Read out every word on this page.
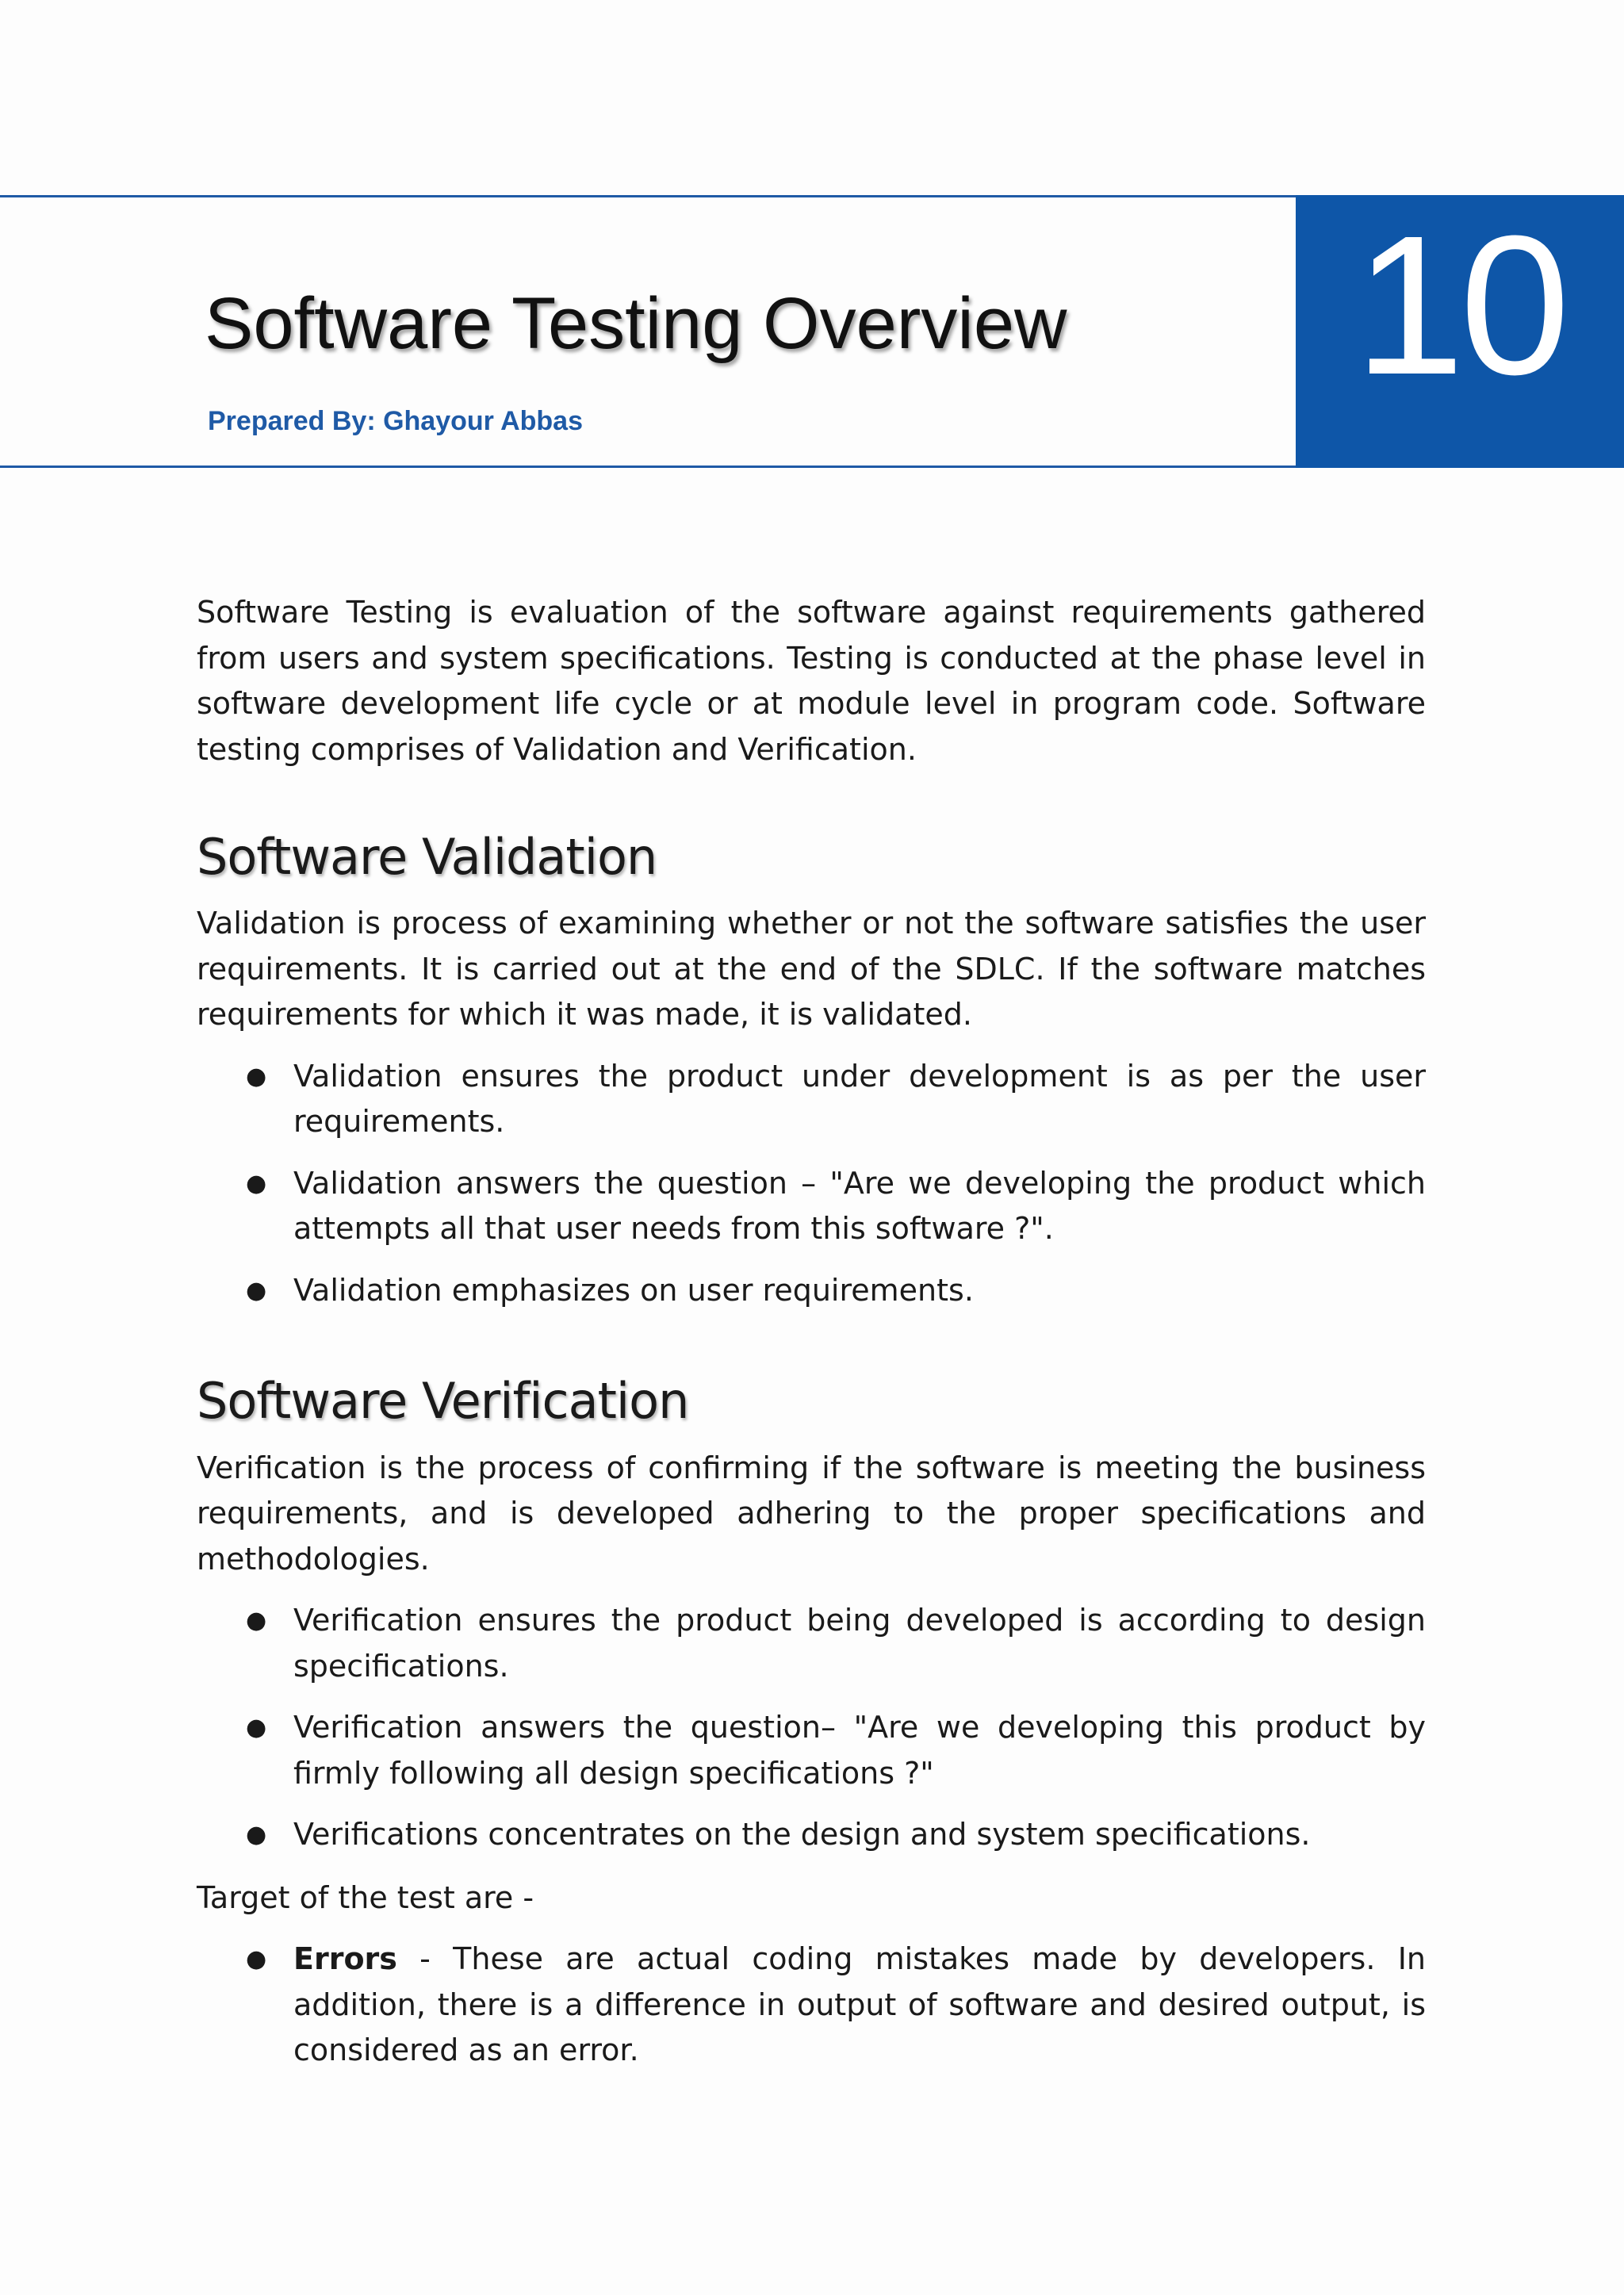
Software Testing Overview
Prepared By: Ghayour Abbas
10

Software Testing is evaluation of the software against requirements gathered from users and system specifications. Testing is conducted at the phase level in software development life cycle or at module level in program code. Software testing comprises of Validation and Verification.

Software Validation

Validation is process of examining whether or not the software satisfies the user requirements. It is carried out at the end of the SDLC. If the software matches requirements for which it was made, it is validated.

● Validation ensures the product under development is as per the user requirements.
● Validation answers the question – "Are we developing the product which attempts all that user needs from this software ?".
● Validation emphasizes on user requirements.
Software Verification

Verification is the process of confirming if the software is meeting the business requirements, and is developed adhering to the proper specifications and methodologies.

● Verification ensures the product being developed is according to design specifications.
● Verification answers the question– "Are we developing this product by firmly following all design specifications ?"
● Verifications concentrates on the design and system specifications.

Target of the test are -

● Errors - These are actual coding mistakes made by developers. In addition, there is a difference in output of software and desired output, is considered as an error.
